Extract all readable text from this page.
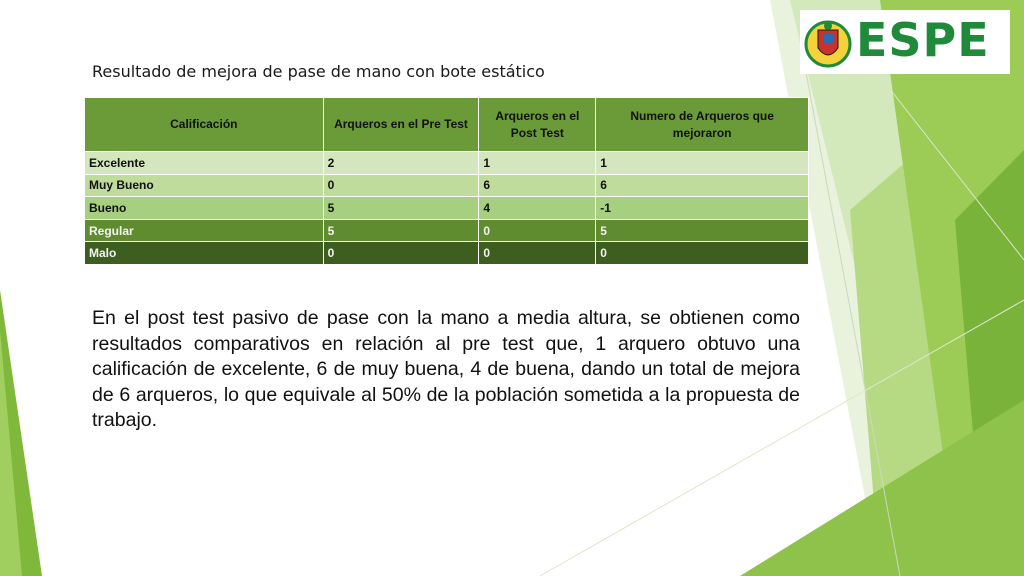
ESPE
Resultado de mejora de pase de mano con bote estático
Calificación	Arqueros en el Pre Test	Arqueros en el Post Test	Numero de Arqueros que mejoraron
Excelente	2	1	1
Muy Bueno	0	6	6
Bueno	5	4	-1
Regular	5	0	5
Malo	0	0	0

En el post test pasivo de pase con la mano a media altura, se obtienen como resultados comparativos en relación al pre test que, 1 arquero obtuvo una calificación de excelente, 6 de muy buena, 4 de buena, dando un total de mejora de 6 arqueros, lo que equivale al 50% de la población sometida a la propuesta de trabajo.
